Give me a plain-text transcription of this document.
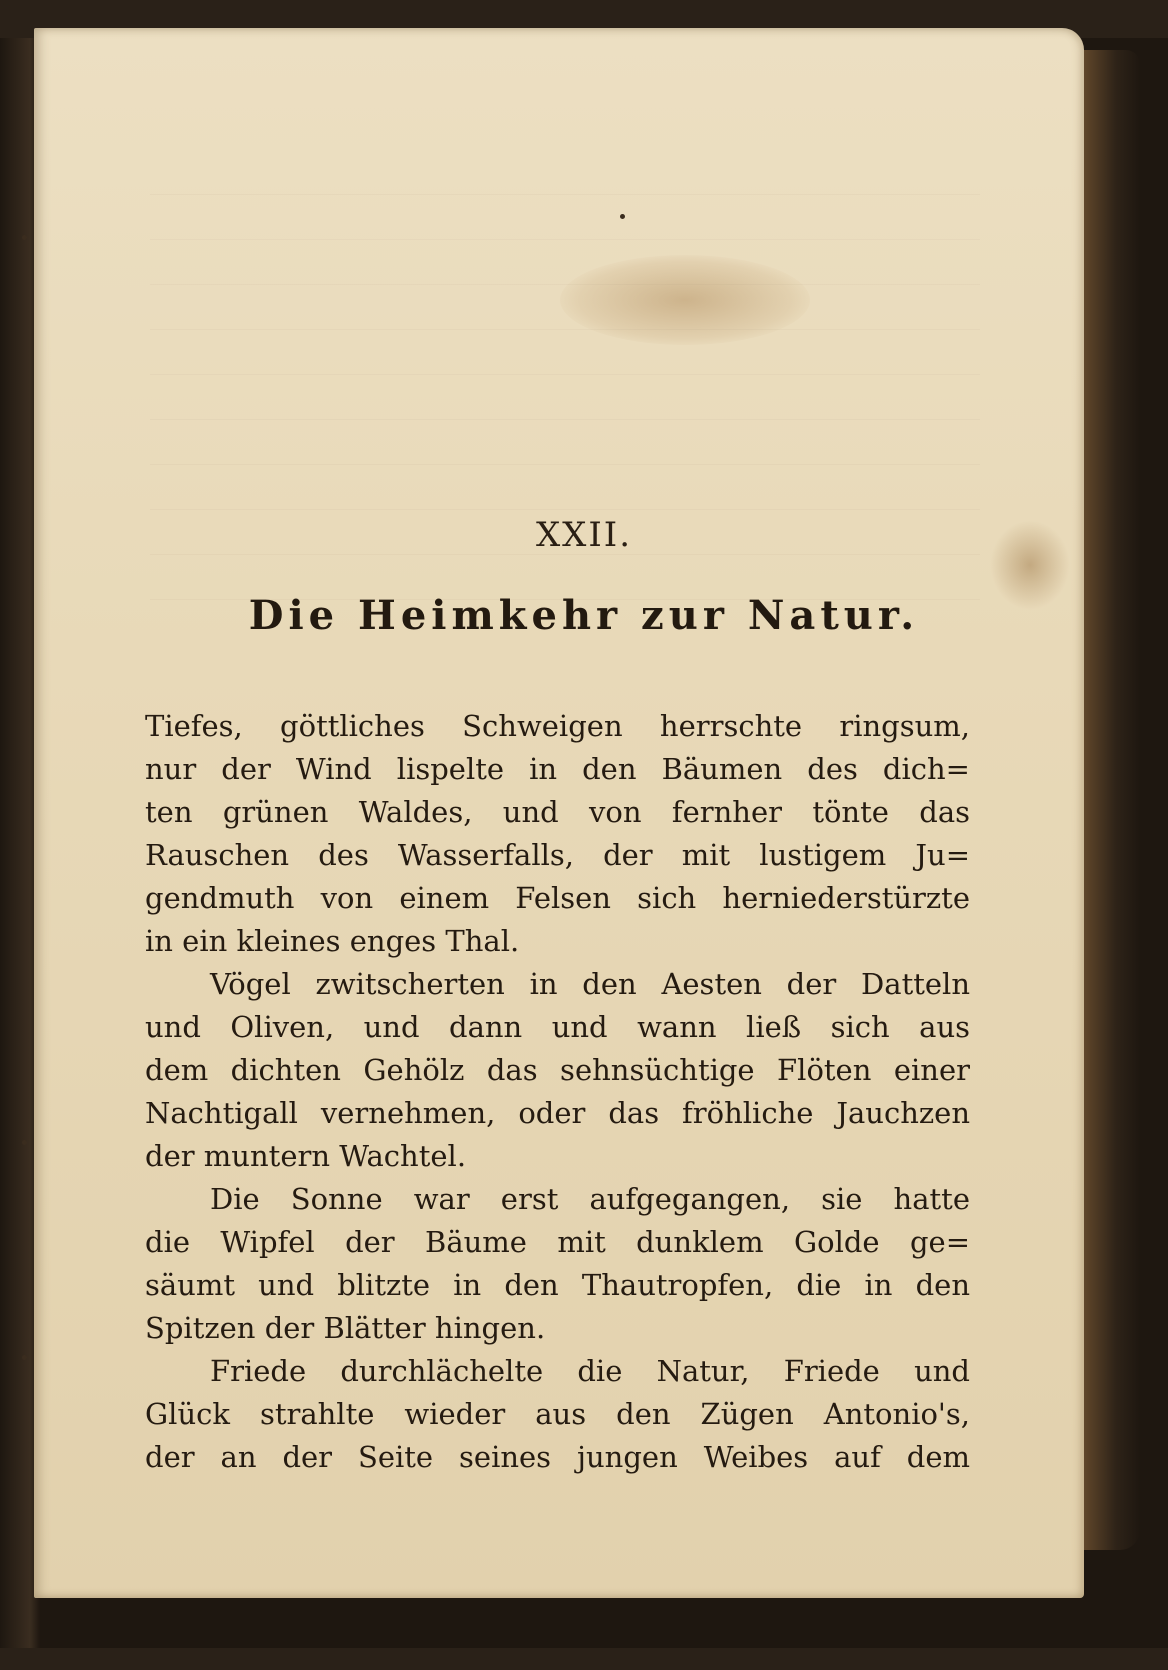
XXII.
Die Heimkehr zur Natur.
Tiefes, göttliches Schweigen herrschte ringsum,
nur der Wind lispelte in den Bäumen des dich=
ten grünen Waldes, und von fernher tönte das
Rauschen des Wasserfalls, der mit lustigem Ju=
gendmuth von einem Felsen sich herniederstürzte
in ein kleines enges Thal.
Vögel zwitscherten in den Aesten der Datteln
und Oliven, und dann und wann ließ sich aus
dem dichten Gehölz das sehnsüchtige Flöten einer
Nachtigall vernehmen, oder das fröhliche Jauchzen
der muntern Wachtel.
Die Sonne war erst aufgegangen, sie hatte
die Wipfel der Bäume mit dunklem Golde ge=
säumt und blitzte in den Thautropfen, die in den
Spitzen der Blätter hingen.
Friede durchlächelte die Natur, Friede und
Glück strahlte wieder aus den Zügen Antonio's,
der an der Seite seines jungen Weibes auf dem
